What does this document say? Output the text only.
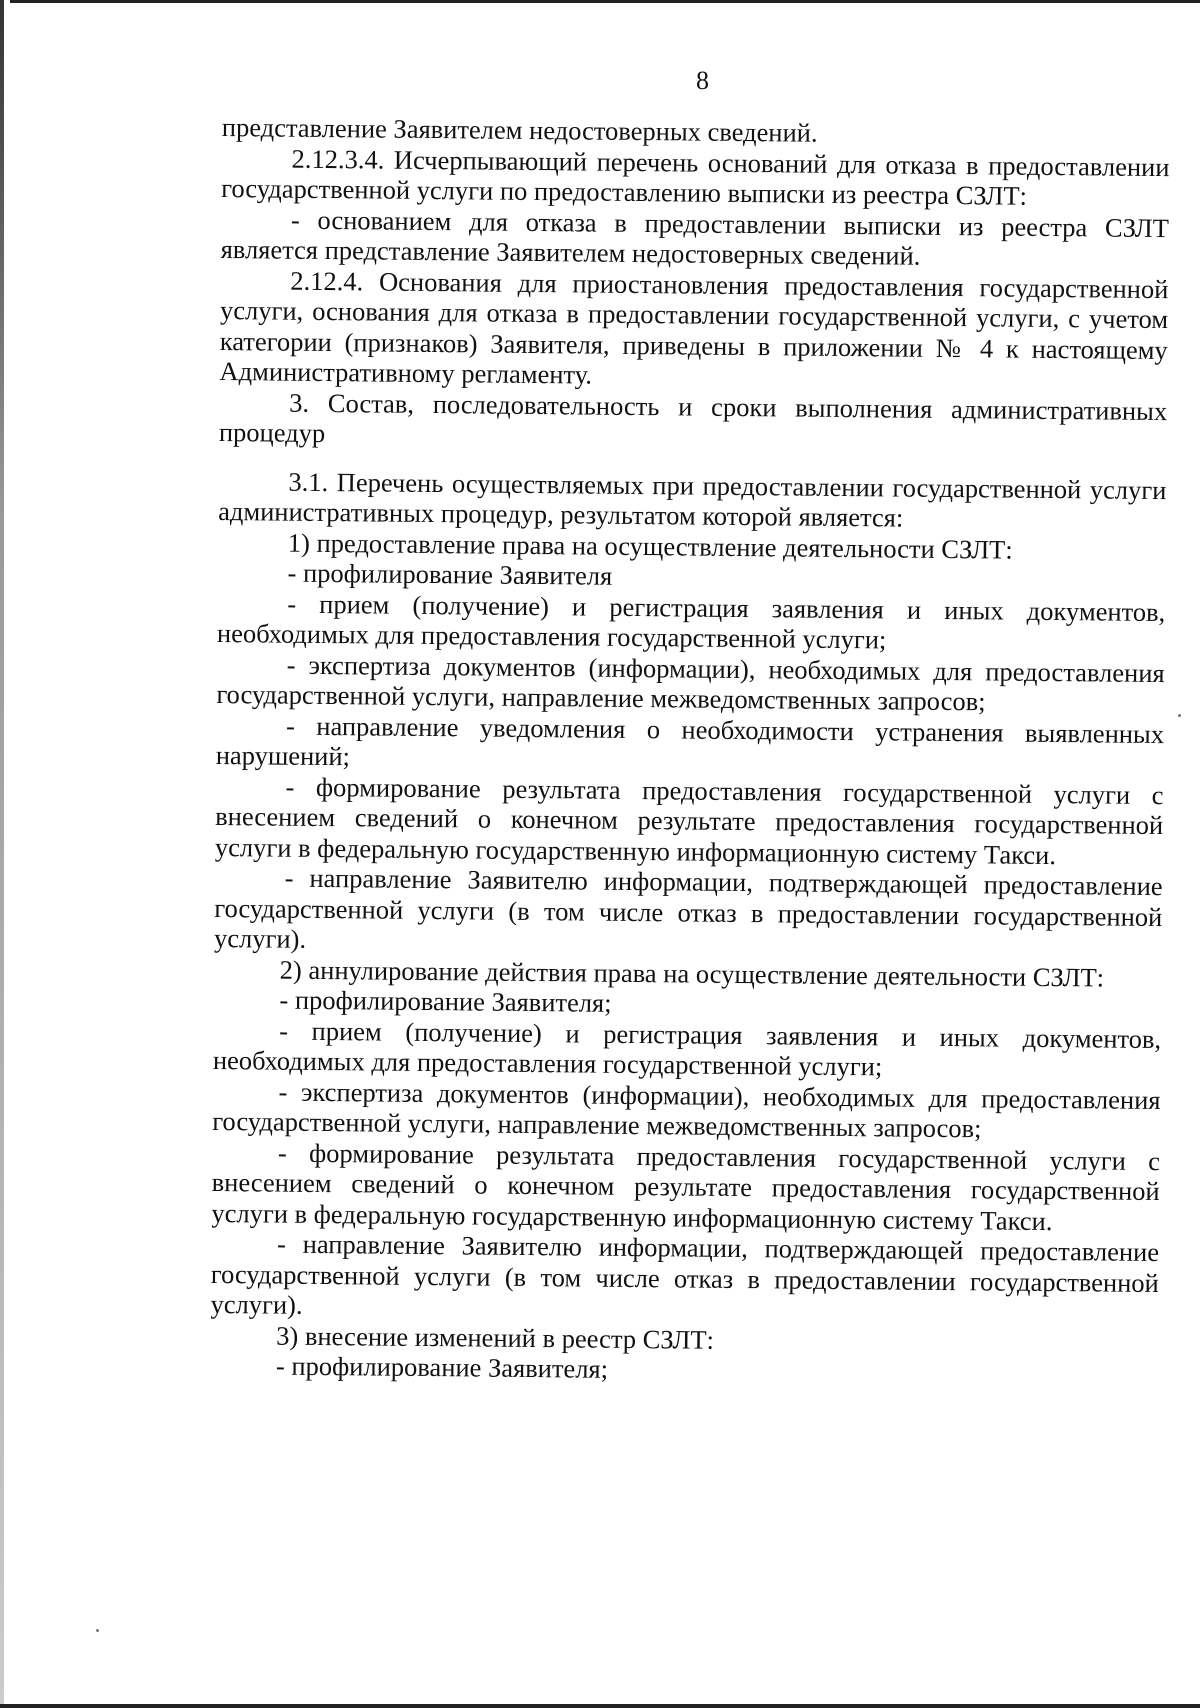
8

представление Заявителем недостоверных сведений.

2.12.3.4. Исчерпывающий перечень оснований для отказа в предоставлении государственной услуги по предоставлению выписки из реестра СЗЛТ:

- основанием для отказа в предоставлении выписки из реестра СЗЛТ является представление Заявителем недостоверных сведений.

2.12.4. Основания для приостановления предоставления государственной услуги, основания для отказа в предоставлении государственной услуги, с учетом категории (признаков) Заявителя, приведены в приложении № 4 к настоящему Административному регламенту.

3. Состав, последовательность и сроки выполнения административных процедур

3.1. Перечень осуществляемых при предоставлении государственной услуги административных процедур, результатом которой является:

1) предоставление права на осуществление деятельности СЗЛТ:

- профилирование Заявителя

- прием (получение) и регистрация заявления и иных документов, необходимых для предоставления государственной услуги;

- экспертиза документов (информации), необходимых для предоставления государственной услуги, направление межведомственных запросов;

- направление уведомления о необходимости устранения выявленных нарушений;

- формирование результата предоставления государственной услуги с внесением сведений о конечном результате предоставления государственной услуги в федеральную государственную информационную систему Такси.

- направление Заявителю информации, подтверждающей предоставление государственной услуги (в том числе отказ в предоставлении государственной услуги).

2) аннулирование действия права на осуществление деятельности СЗЛТ:

- профилирование Заявителя;

- прием (получение) и регистрация заявления и иных документов, необходимых для предоставления государственной услуги;

- экспертиза документов (информации), необходимых для предоставления государственной услуги, направление межведомственных запросов;

- формирование результата предоставления государственной услуги с внесением сведений о конечном результате предоставления государственной услуги в федеральную государственную информационную систему Такси.

- направление Заявителю информации, подтверждающей предоставление государственной услуги (в том числе отказ в предоставлении государственной услуги).

3) внесение изменений в реестр СЗЛТ:

- профилирование Заявителя;
